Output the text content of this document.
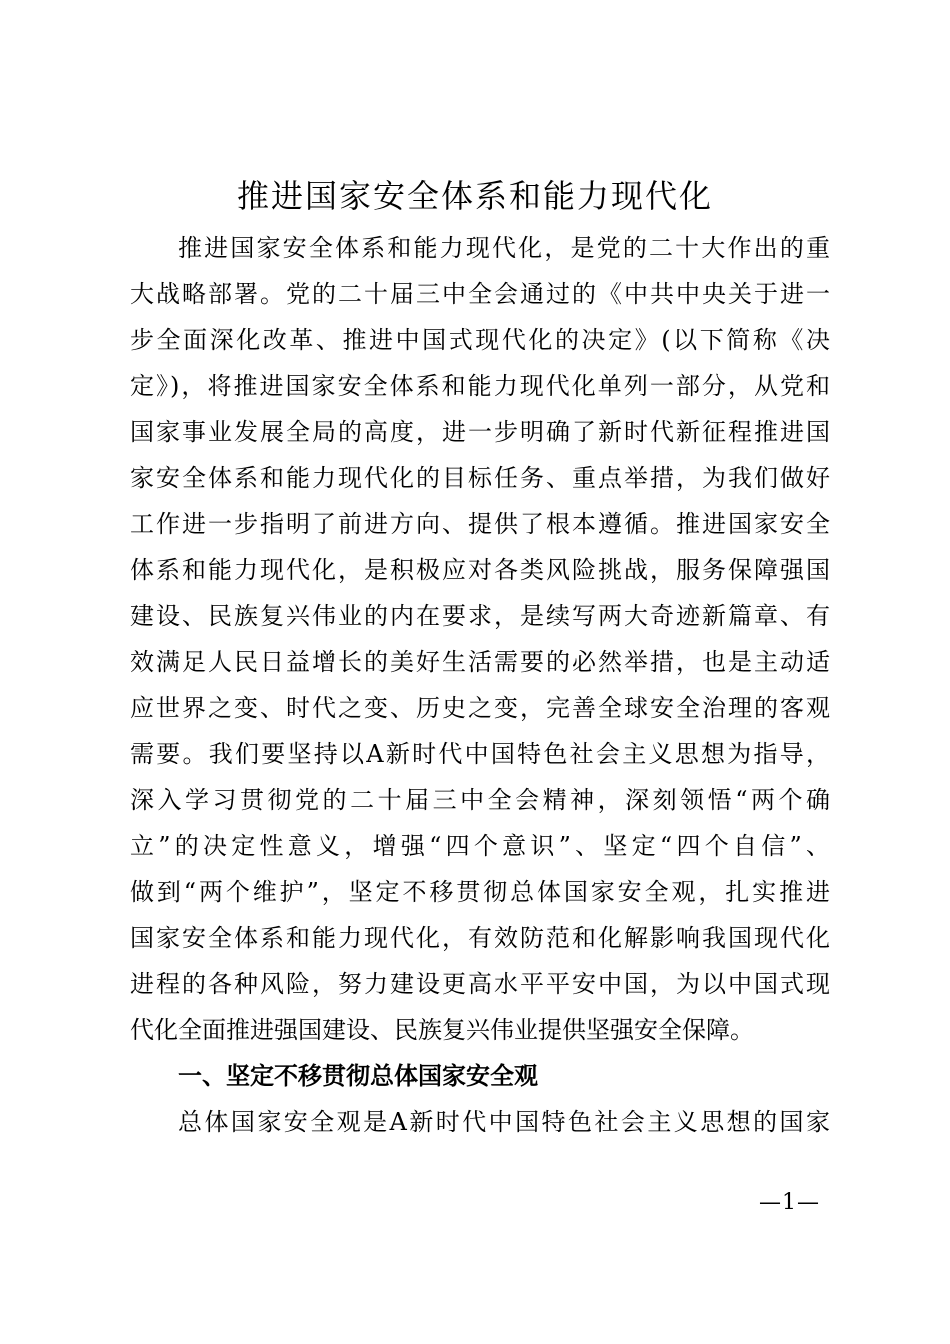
推进国家安全体系和能力现代化
推进国家安全体系和能力现代化，是党的二十大作出的重
大战略部署。党的二十届三中全会通过的《中共中央关于进一
步全面深化改革、推进中国式现代化的决定》(以下简称《决
定》)，将推进国家安全体系和能力现代化单列一部分，从党和
国家事业发展全局的高度，进一步明确了新时代新征程推进国
家安全体系和能力现代化的目标任务、重点举措，为我们做好
工作进一步指明了前进方向、提供了根本遵循。推进国家安全
体系和能力现代化，是积极应对各类风险挑战，服务保障强国
建设、民族复兴伟业的内在要求，是续写两大奇迹新篇章、有
效满足人民日益增长的美好生活需要的必然举措，也是主动适
应世界之变、时代之变、历史之变，完善全球安全治理的客观
需要。我们要坚持以A新时代中国特色社会主义思想为指导，
深入学习贯彻党的二十届三中全会精神，深刻领悟“两个确
立”的决定性意义，增强“四个意识”、坚定“四个自信”、
做到“两个维护”，坚定不移贯彻总体国家安全观，扎实推进
国家安全体系和能力现代化，有效防范和化解影响我国现代化
进程的各种风险，努力建设更高水平平安中国，为以中国式现
代化全面推进强国建设、民族复兴伟业提供坚强安全保障。
一、坚定不移贯彻总体国家安全观
总体国家安全观是A新时代中国特色社会主义思想的国家
—1—
